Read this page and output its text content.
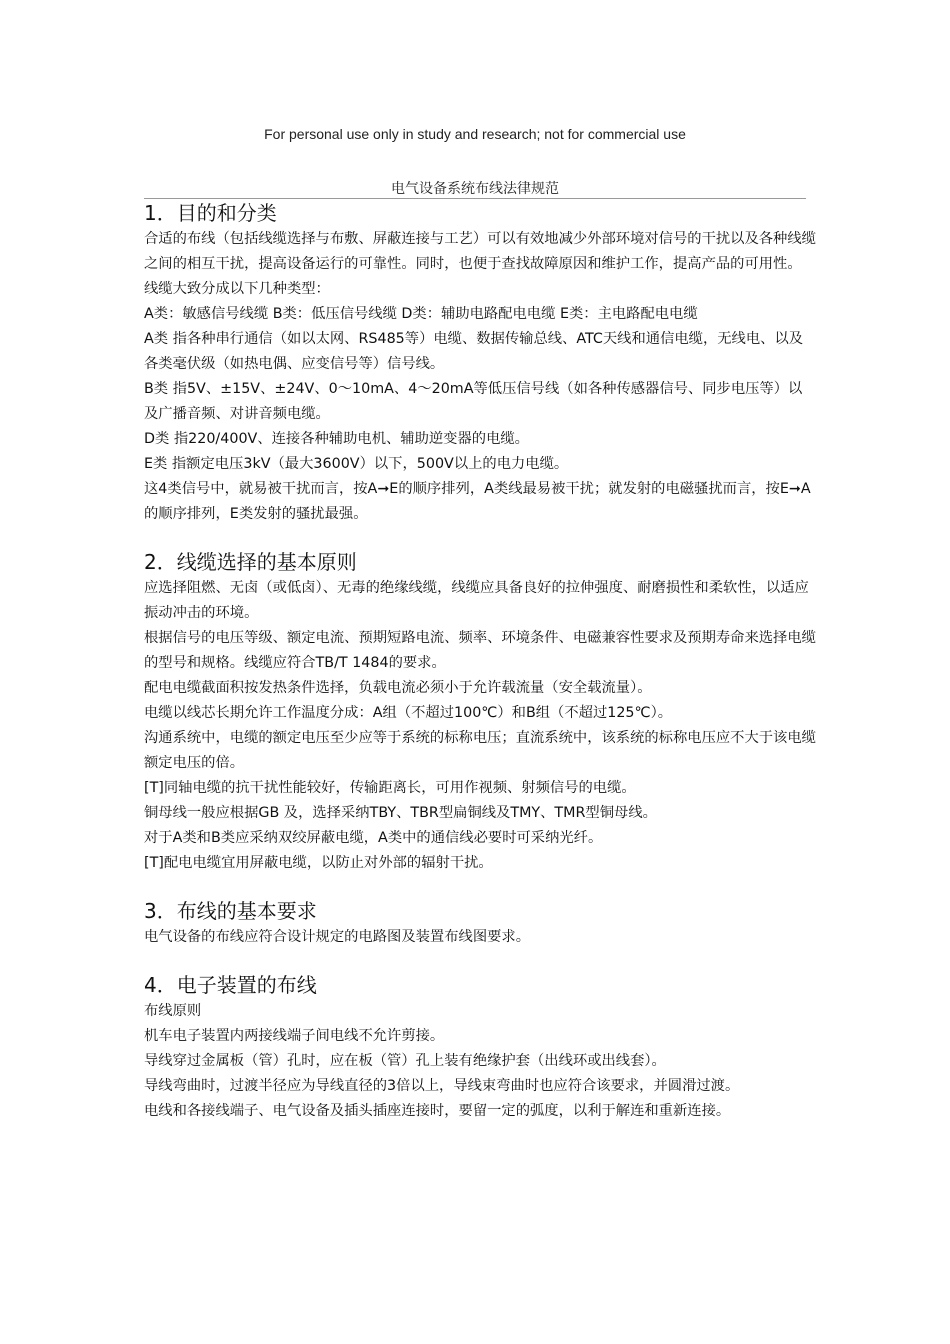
For personal use only in study and research; not for commercial use
电气设备系统布线法律规范
1．目的和分类

合适的布线（包括线缆选择与布敷、屏蔽连接与工艺）可以有效地减少外部环境对信号的干扰以及各种线缆之间的相互干扰，提高设备运行的可靠性。同时，也便于查找故障原因和维护工作，提高产品的可用性。

线缆大致分成以下几种类型：

A类：敏感信号线缆 B类：低压信号线缆 D类：辅助电路配电电缆 E类：主电路配电电缆

A类 指各种串行通信（如以太网、RS485等）电缆、数据传输总线、ATC天线和通信电缆，无线电、以及各类毫伏级（如热电偶、应变信号等）信号线。

B类 指5V、±15V、±24V、0～10mA、4～20mA等低压信号线（如各种传感器信号、同步电压等）以及广播音频、对讲音频电缆。

D类 指220/400V、连接各种辅助电机、辅助逆变器的电缆。

E类 指额定电压3kV（最大3600V）以下，500V以上的电力电缆。

这4类信号中，就易被干扰而言，按A➞E的顺序排列，A类线最易被干扰；就发射的电磁骚扰而言，按E➞A的顺序排列，E类发射的骚扰最强。

2．线缆选择的基本原则

应选择阻燃、无卤（或低卤）、无毒的绝缘线缆，线缆应具备良好的拉伸强度、耐磨损性和柔软性，以适应振动冲击的环境。

根据信号的电压等级、额定电流、预期短路电流、频率、环境条件、电磁兼容性要求及预期寿命来选择电缆的型号和规格。线缆应符合TB/T 1484的要求。

配电电缆截面积按发热条件选择，负载电流必须小于允许载流量（安全载流量）。

电缆以线芯长期允许工作温度分成：A组（不超过100℃）和B组（不超过125℃）。

沟通系统中，电缆的额定电压至少应等于系统的标称电压；直流系统中，该系统的标称电压应不大于该电缆额定电压的倍。

[T]同轴电缆的抗干扰性能较好，传输距离长，可用作视频、射频信号的电缆。

铜母线一般应根据GB 及，选择采纳TBY、TBR型扁铜线及TMY、TMR型铜母线。

对于A类和B类应采纳双绞屏蔽电缆，A类中的通信线必要时可采纳光纤。

[T]配电电缆宜用屏蔽电缆，以防止对外部的辐射干扰。

3．布线的基本要求

电气设备的布线应符合设计规定的电路图及装置布线图要求。

4．电子装置的布线

布线原则

机车电子装置内两接线端子间电线不允许剪接。

导线穿过金属板（管）孔时，应在板（管）孔上装有绝缘护套（出线环或出线套）。

导线弯曲时，过渡半径应为导线直径的3倍以上，导线束弯曲时也应符合该要求，并圆滑过渡。

电线和各接线端子、电气设备及插头插座连接时，要留一定的弧度，以利于解连和重新连接。
